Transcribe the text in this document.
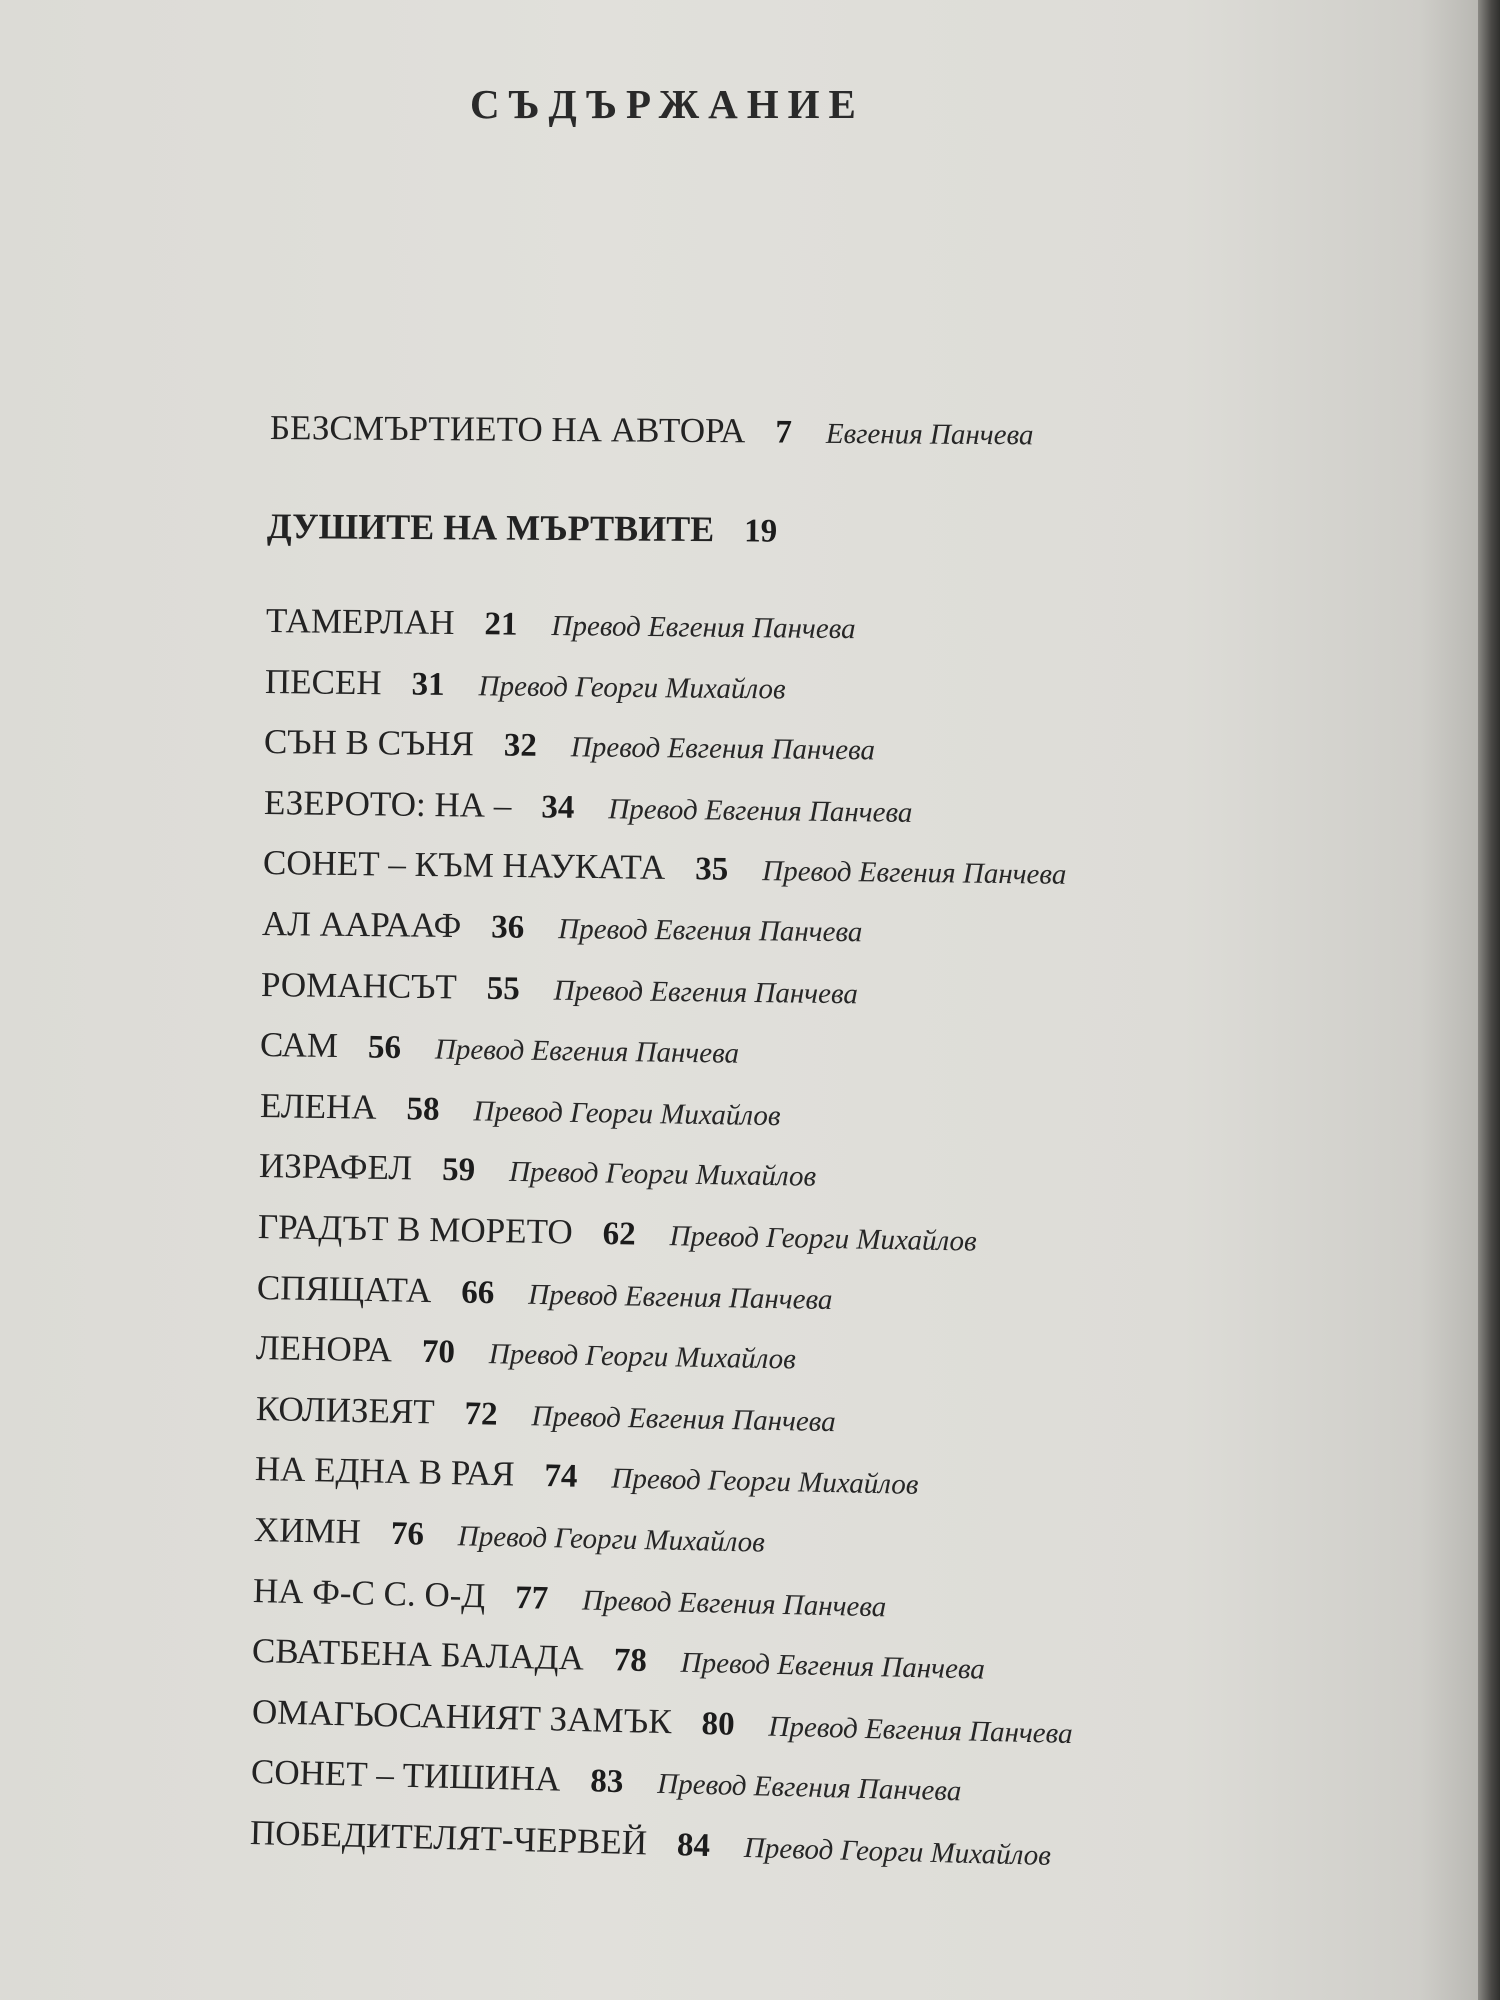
СЪДЪРЖАНИЕ
БЕЗСМЪРТИЕТО НА АВТОРА 7 Евгения Панчева
ДУШИТЕ НА МЪРТВИТЕ 19
ТАМЕРЛАН 21 Превод Евгения Панчева
ПЕСЕН 31 Превод Георги Михайлов
СЪН В СЪНЯ 32 Превод Евгения Панчева
ЕЗЕРОТО: НА – 34 Превод Евгения Панчева
СОНЕТ – КЪМ НАУКАТА 35 Превод Евгения Панчева
АЛ ААРААФ 36 Превод Евгения Панчева
РОМАНСЪТ 55 Превод Евгения Панчева
САМ 56 Превод Евгения Панчева
ЕЛЕНА 58 Превод Георги Михайлов
ИЗРАФЕЛ 59 Превод Георги Михайлов
ГРАДЪТ В МОРЕТО 62 Превод Георги Михайлов
СПЯЩАТА 66 Превод Евгения Панчева
ЛЕНОРА 70 Превод Георги Михайлов
КОЛИЗЕЯТ 72 Превод Евгения Панчева
НА ЕДНА В РАЯ 74 Превод Георги Михайлов
ХИМН 76 Превод Георги Михайлов
НА Ф-С С. О-Д 77 Превод Евгения Панчева
СВАТБЕНА БАЛАДА 78 Превод Евгения Панчева
ОМАГЬОСАНИЯТ ЗАМЪК 80 Превод Евгения Панчева
СОНЕТ – ТИШИНА 83 Превод Евгения Панчева
ПОБЕДИТЕЛЯТ-ЧЕРВЕЙ 84 Превод Георги Михайлов
